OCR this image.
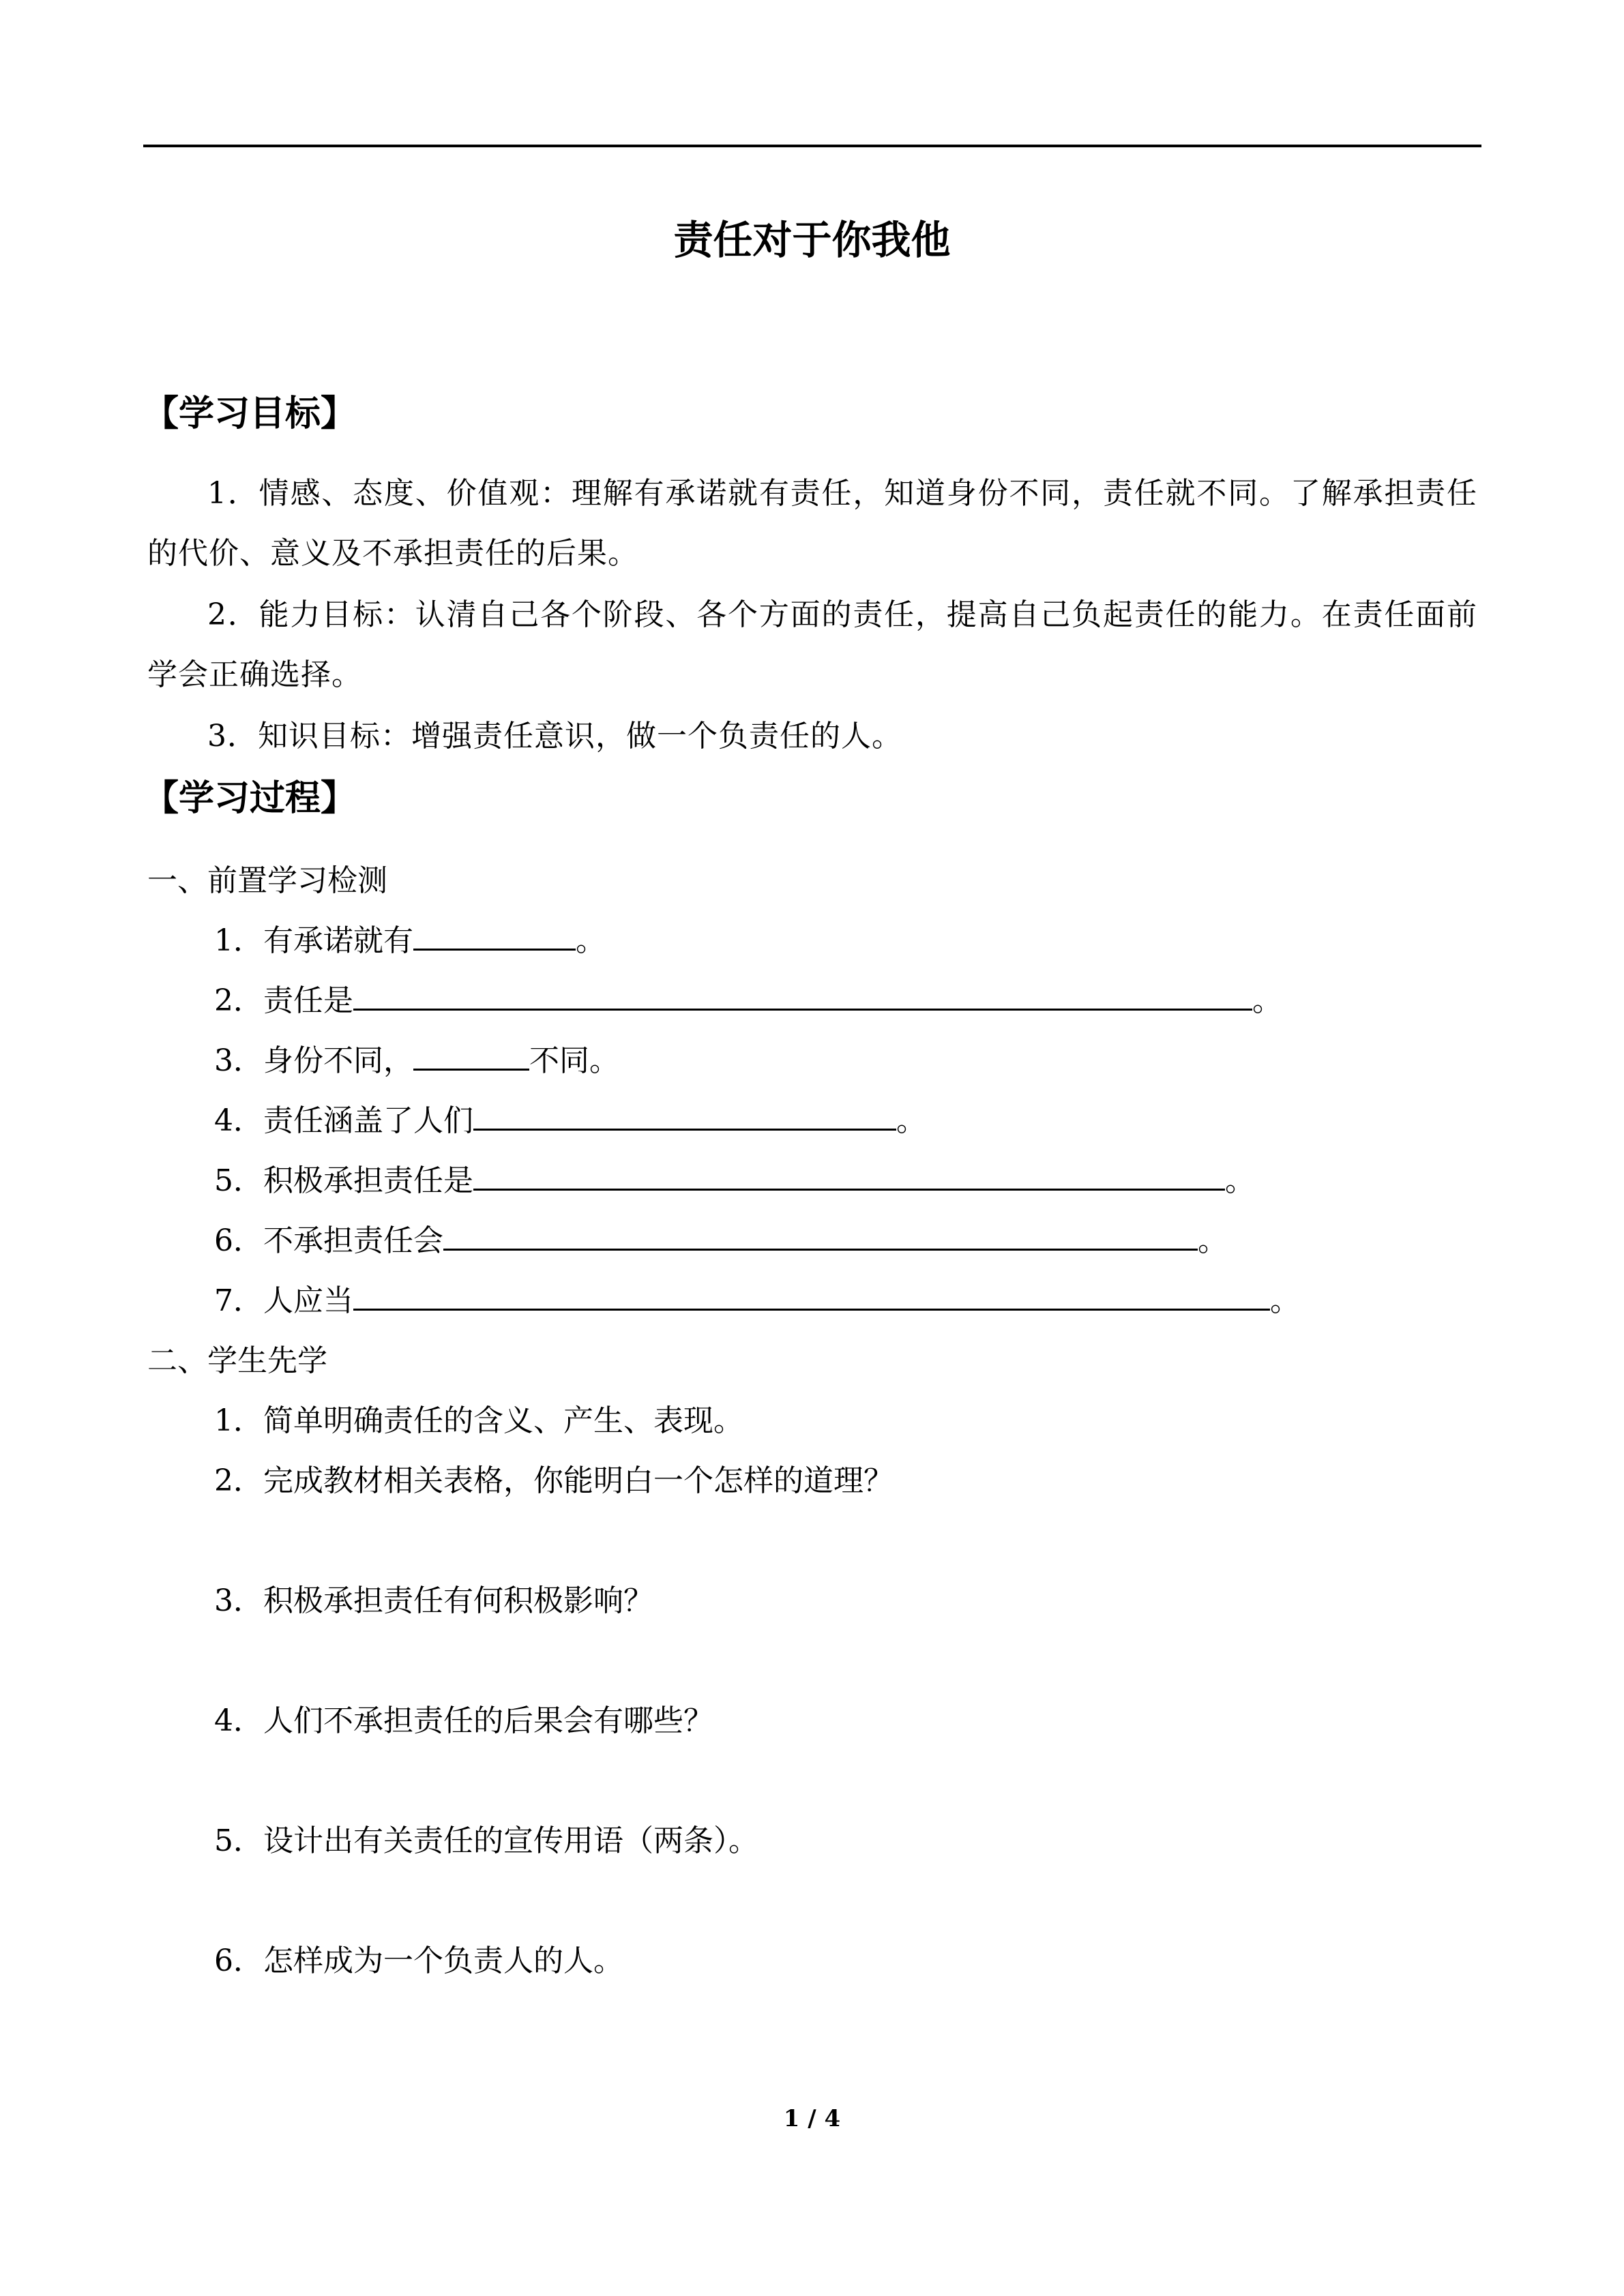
责任对于你我他
【学习目标】

1．情感、态度、价值观：理解有承诺就有责任，知道身份不同，责任就不同。了解承担责任的代价、意义及不承担责任的后果。

2．能力目标：认清自己各个阶段、各个方面的责任，提高自己负起责任的能力。在责任面前学会正确选择。

3．知识目标：增强责任意识，做一个负责任的人。

【学习过程】

一、前置学习检测

1．有承诺就有	。

2．责任是	。

3．身份不同，	不同。

4．责任涵盖了人们	。

5．积极承担责任是	。

6．不承担责任会	。

7．人应当	。

二、学生先学

1．简单明确责任的含义、产生、表现。

2．完成教材相关表格，你能明白一个怎样的道理？

3．积极承担责任有何积极影响？

4．人们不承担责任的后果会有哪些？

5．设计出有关责任的宣传用语（两条）。

6．怎样成为一个负责人的人。

1 / 4
